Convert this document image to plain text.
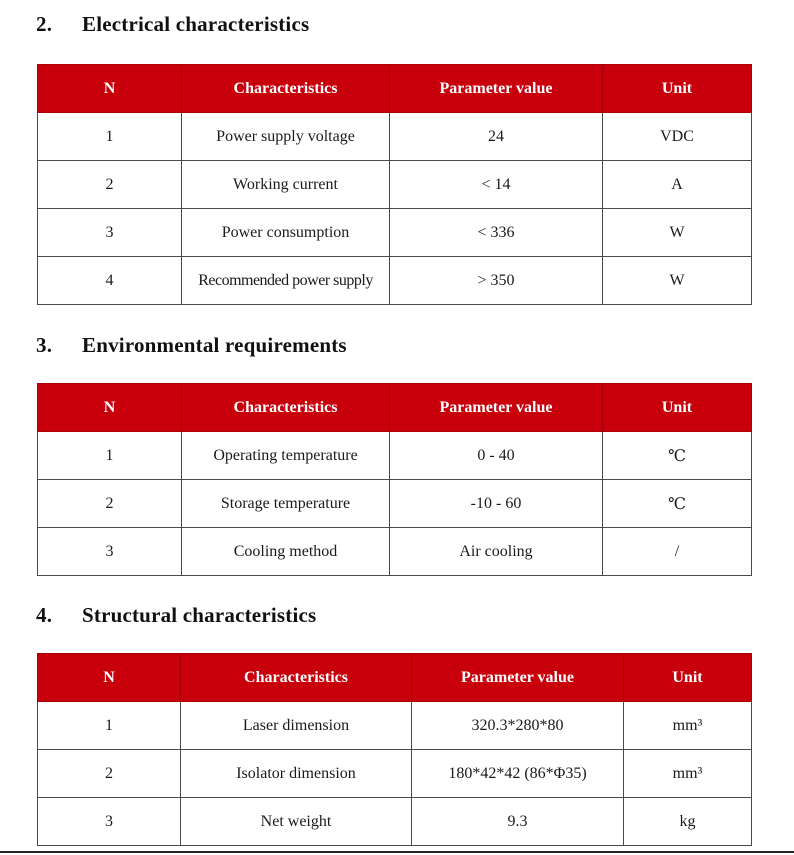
2. Electrical characteristics
N	Characteristics	Parameter value	Unit
1	Power supply voltage	24	VDC
2	Working current	< 14	A
3	Power consumption	< 336	W
4	Recommended power supply	> 350	W
3. Environmental requirements
N	Characteristics	Parameter value	Unit
1	Operating temperature	0 - 40	℃
2	Storage temperature	-10 - 60	℃
3	Cooling method	Air cooling	/
4. Structural characteristics
N	Characteristics	Parameter value	Unit
1	Laser dimension	320.3*280*80	mm³
2	Isolator dimension	180*42*42 (86*Φ35)	mm³
3	Net weight	9.3	kg
